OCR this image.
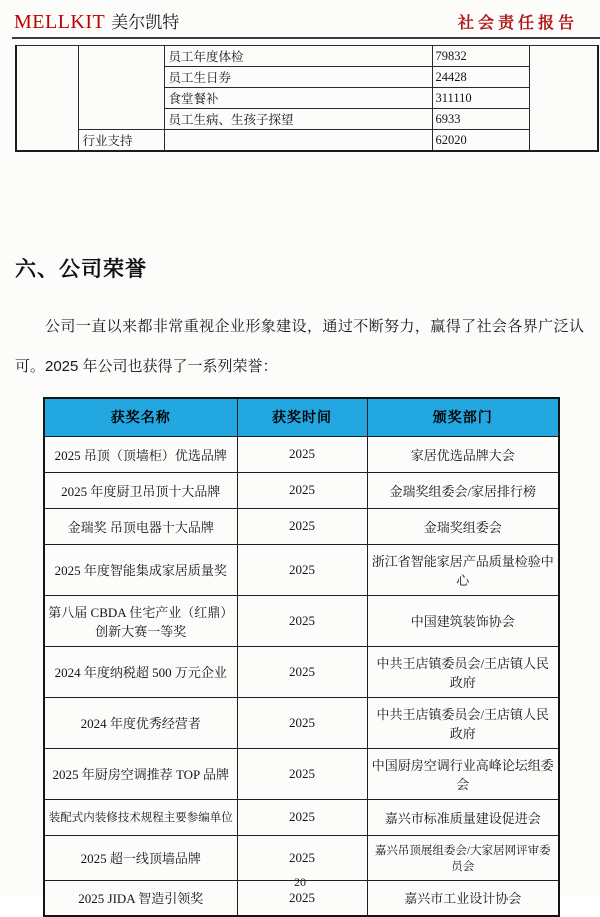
MELLKIT 美尔凯特	社会责任报告
		员工年度体检	79832	
		员工生日券	24428	
		食堂餐补	311110	
		员工生病、生孩子探望	6933	
	行业支持		62020	
六、公司荣誉

公司一直以来都非常重视企业形象建设，通过不断努力，赢得了社会各界广泛认可。2025 年公司也获得了一系列荣誉：

获奖名称	获奖时间	颁奖部门
2025 吊顶（顶墙柜）优选品牌	2025	家居优选品牌大会
2025 年度厨卫吊顶十大品牌	2025	金瑞奖组委会/家居排行榜
金瑞奖 吊顶电器十大品牌	2025	金瑞奖组委会
2025 年度智能集成家居质量奖	2025	浙江省智能家居产品质量检验中心
第八届 CBDA 住宅产业（红鼎）创新大赛一等奖	2025	中国建筑装饰协会
2024 年度纳税超 500 万元企业	2025	中共王店镇委员会/王店镇人民政府
2024 年度优秀经营者	2025	中共王店镇委员会/王店镇人民政府
2025 年厨房空调推荐 TOP 品牌	2025	中国厨房空调行业高峰论坛组委会
装配式内装修技术规程主要参编单位	2025	嘉兴市标准质量建设促进会
2025 超一线顶墙品牌	2025	嘉兴吊顶展组委会/大家居网评审委员会
2025 JIDA 智造引领奖	2025	嘉兴市工业设计协会
20
